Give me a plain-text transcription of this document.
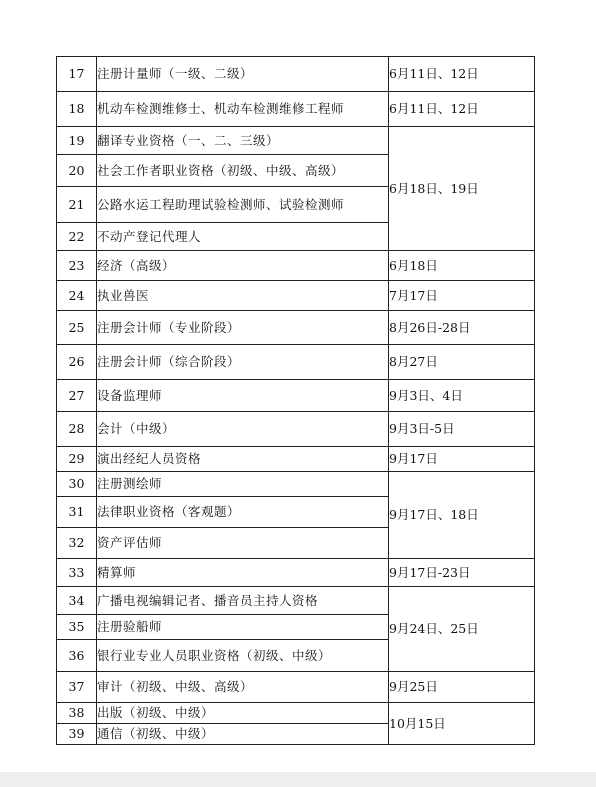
17	注册计量师（一级、二级）	6月11日、12日
18	机动车检测维修士、机动车检测维修工程师	6月11日、12日
19	翻译专业资格（一、二、三级）	6月18日、19日
20	社会工作者职业资格（初级、中级、高级）	
21	公路水运工程助理试验检测师、试验检测师	
22	不动产登记代理人	
23	经济（高级）	6月18日
24	执业兽医	7月17日
25	注册会计师（专业阶段）	8月26日-28日
26	注册会计师（综合阶段）	8月27日
27	设备监理师	9月3日、4日
28	会计（中级）	9月3日-5日
29	演出经纪人员资格	9月17日
30	注册测绘师	9月17日、18日
31	法律职业资格（客观题）	
32	资产评估师	
33	精算师	9月17日-23日
34	广播电视编辑记者、播音员主持人资格	9月24日、25日
35	注册验船师	
36	银行业专业人员职业资格（初级、中级）	
37	审计（初级、中级、高级）	9月25日
38	出版（初级、中级）	10月15日
39	通信（初级、中级）	
